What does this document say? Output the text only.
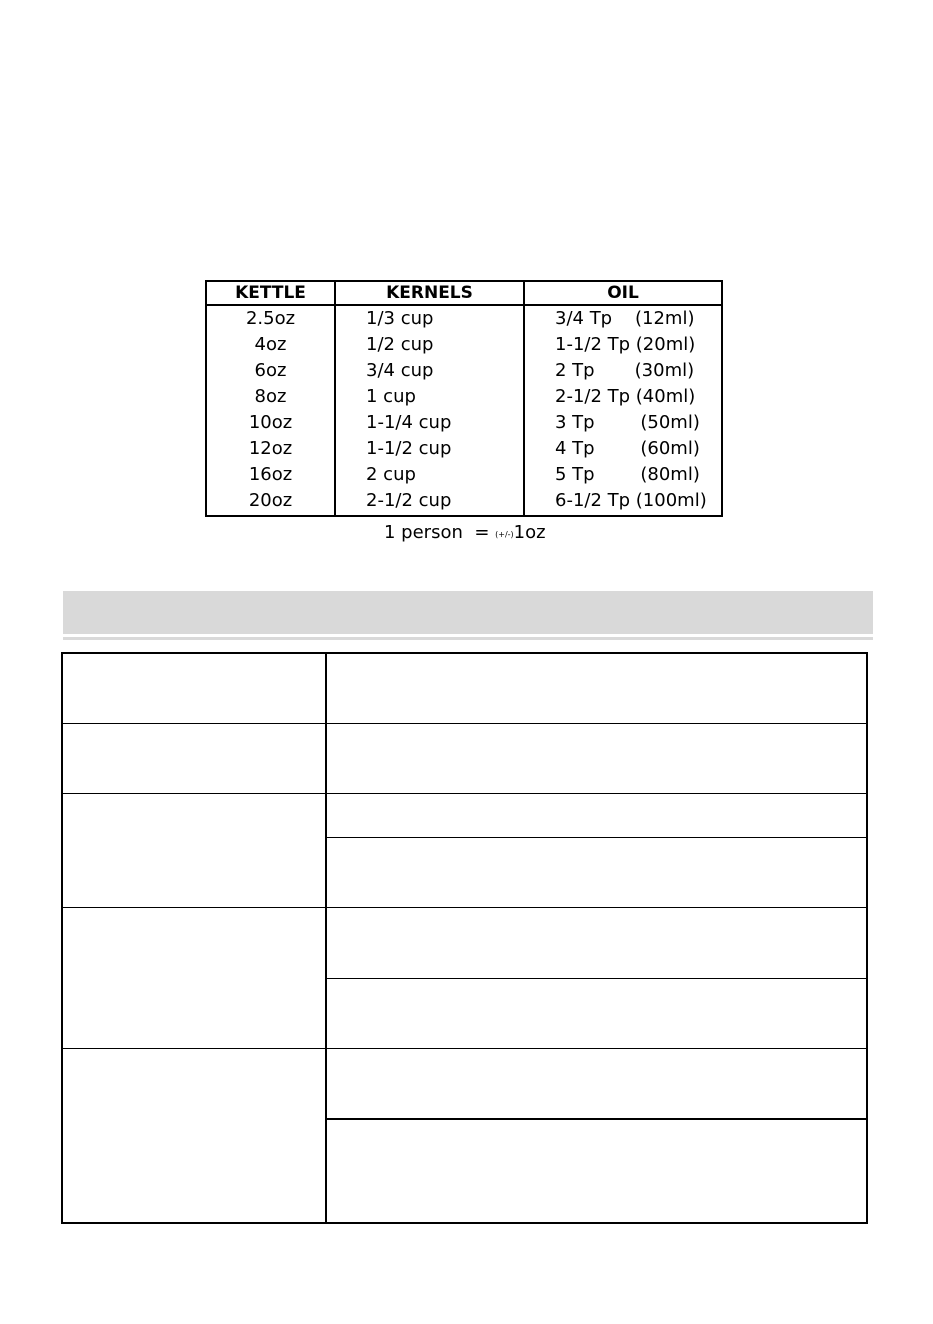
KETTLE
2.5oz
4oz
6oz
8oz
10oz
12oz
16oz
20oz
KERNELS
1/3 cup
1/2 cup
3/4 cup
1 cup
1-1/4 cup
1-1/2 cup
2 cup
2-1/2 cup
OIL
3/4 Tp    (12ml)
1-1/2 Tp (20ml)
2 Tp       (30ml)
2-1/2 Tp (40ml)
3 Tp        (50ml)
4 Tp        (60ml)
5 Tp        (80ml)
6-1/2 Tp (100ml)
1 person  = (+/-)1oz
